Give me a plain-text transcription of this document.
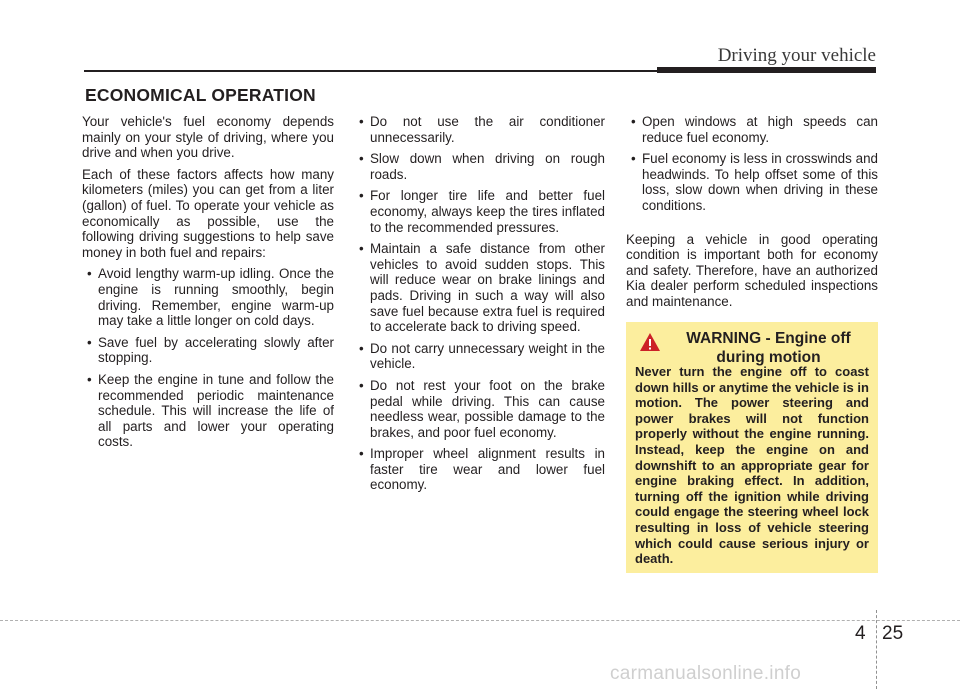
Driving your vehicle
ECONOMICAL OPERATION

Your vehicle's fuel economy depends mainly on your style of driving, where you drive and when you drive.

Each of these factors affects how many kilometers (miles) you can get from a liter (gallon) of fuel. To operate your vehicle as economically as possible, use the following driving suggestions to help save money in both fuel and repairs:

• Avoid lengthy warm-up idling. Once the engine is running smoothly, begin driving. Remember, engine warm-up may take a little longer on cold days.
• Save fuel by accelerating slowly after stopping.
• Keep the engine in tune and follow the recommended periodic maintenance schedule. This will increase the life of all parts and lower your operating costs.
• Do not use the air conditioner unnecessarily.
• Slow down when driving on rough roads.
• For longer tire life and better fuel economy, always keep the tires inflated to the recommended pressures.
• Maintain a safe distance from other vehicles to avoid sudden stops. This will reduce wear on brake linings and pads. Driving in such a way will also save fuel because extra fuel is required to accelerate back to driving speed.
• Do not carry unnecessary weight in the vehicle.
• Do not rest your foot on the brake pedal while driving. This can cause needless wear, possible damage to the brakes, and poor fuel economy.
• Improper wheel alignment results in faster tire wear and lower fuel economy.
• Open windows at high speeds can reduce fuel economy.
• Fuel economy is less in crosswinds and headwinds. To help offset some of this loss, slow down when driving in these conditions.

Keeping a vehicle in good operating condition is important both for economy and safety. Therefore, have an authorized Kia dealer perform scheduled inspections and maintenance.

WARNING - Engine off during motion
Never turn the engine off to coast down hills or anytime the vehicle is in motion. The power steering and power brakes will not function properly without the engine running. Instead, keep the engine on and downshift to an appropriate gear for engine braking effect. In addition, turning off the ignition while driving could engage the steering wheel lock resulting in loss of vehicle steering which could cause serious injury or death.
4 25
carmanualsonline.info
